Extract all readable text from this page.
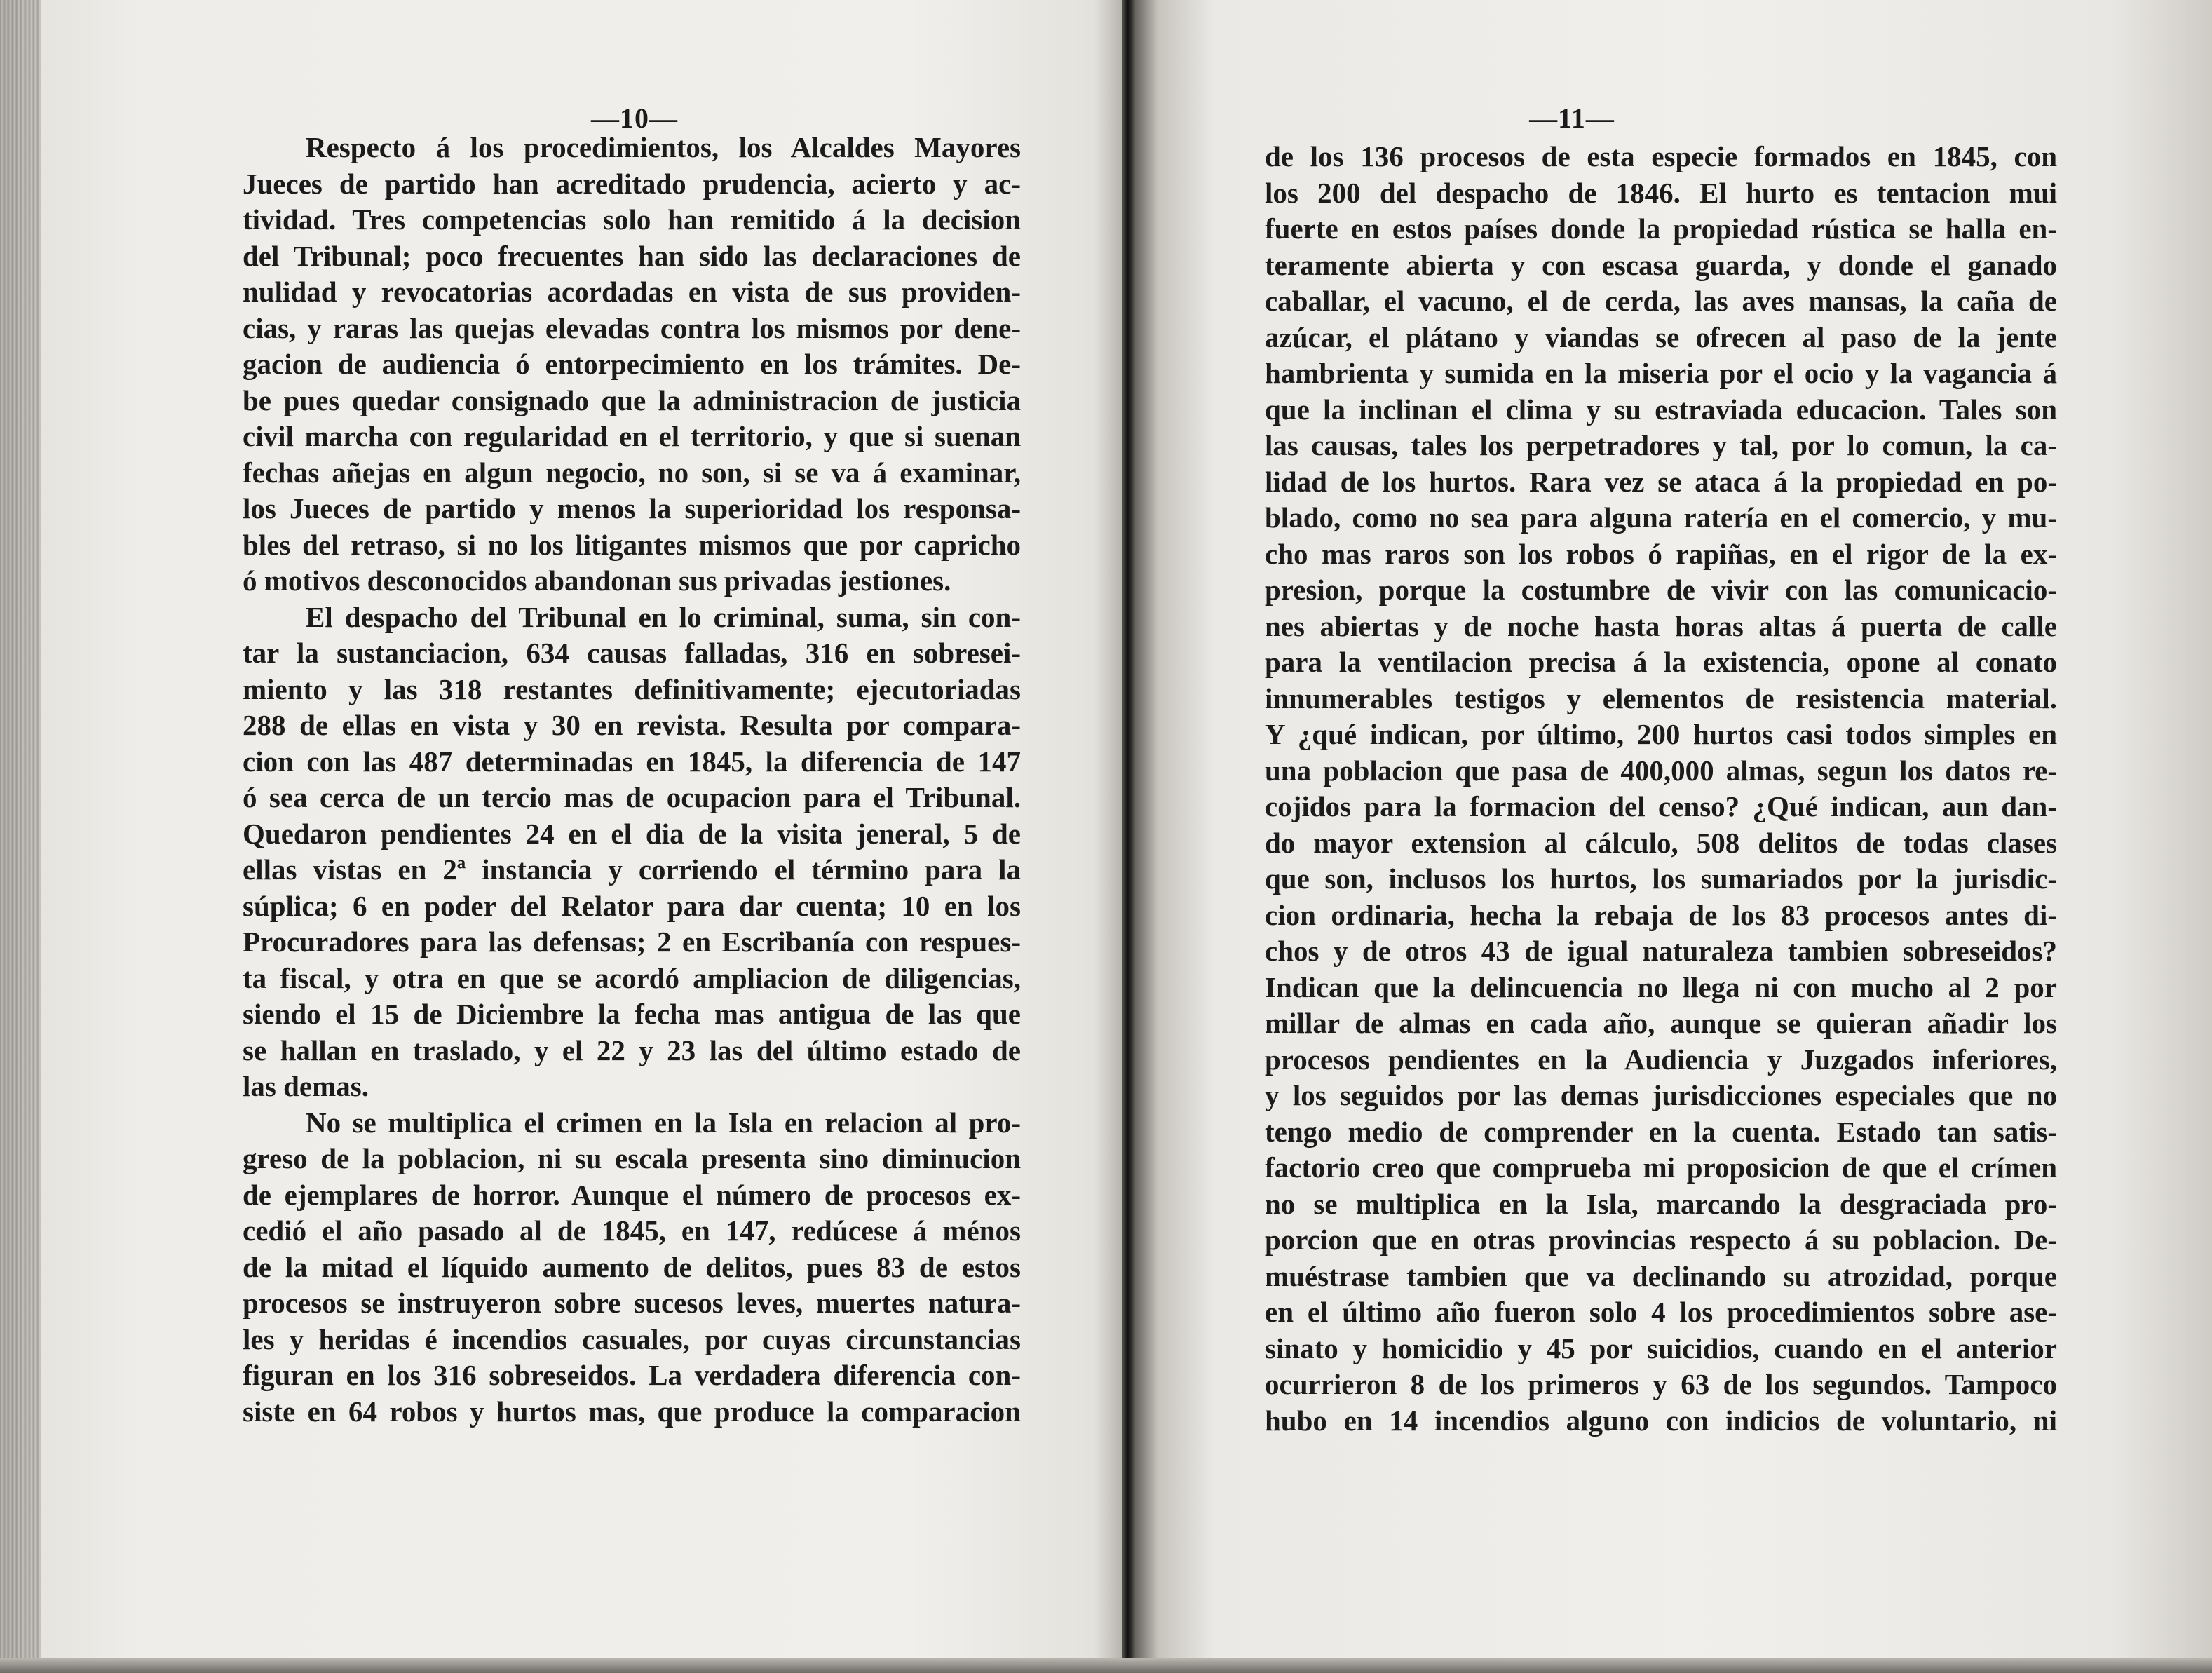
—10—
Respecto á los procedimientos, los Alcaldes Mayores
Jueces de partido han acreditado prudencia, acierto y ac-
tividad. Tres competencias solo han remitido á la decision
del Tribunal; poco frecuentes han sido las declaraciones de
nulidad y revocatorias acordadas en vista de sus providen-
cias, y raras las quejas elevadas contra los mismos por dene-
gacion de audiencia ó entorpecimiento en los trámites. De-
be pues quedar consignado que la administracion de justicia
civil marcha con regularidad en el territorio, y que si suenan
fechas añejas en algun negocio, no son, si se va á examinar,
los Jueces de partido y menos la superioridad los responsa-
bles del retraso, si no los litigantes mismos que por capricho
ó motivos desconocidos abandonan sus privadas jestiones.
El despacho del Tribunal en lo criminal, suma, sin con-
tar la sustanciacion, 634 causas falladas, 316 en sobresei-
miento y las 318 restantes definitivamente; ejecutoriadas
288 de ellas en vista y 30 en revista. Resulta por compara-
cion con las 487 determinadas en 1845, la diferencia de 147
ó sea cerca de un tercio mas de ocupacion para el Tribunal.
Quedaron pendientes 24 en el dia de la visita jeneral, 5 de
ellas vistas en 2ª instancia y corriendo el término para la
súplica; 6 en poder del Relator para dar cuenta; 10 en los
Procuradores para las defensas; 2 en Escribanía con respues-
ta fiscal, y otra en que se acordó ampliacion de diligencias,
siendo el 15 de Diciembre la fecha mas antigua de las que
se hallan en traslado, y el 22 y 23 las del último estado de
las demas.
No se multiplica el crimen en la Isla en relacion al pro-
greso de la poblacion, ni su escala presenta sino diminucion
de ejemplares de horror. Aunque el número de procesos ex-
cedió el año pasado al de 1845, en 147, redúcese á ménos
de la mitad el líquido aumento de delitos, pues 83 de estos
procesos se instruyeron sobre sucesos leves, muertes natura-
les y heridas é incendios casuales, por cuyas circunstancias
figuran en los 316 sobreseidos. La verdadera diferencia con-
siste en 64 robos y hurtos mas, que produce la comparacion
—11—
de los 136 procesos de esta especie formados en 1845, con
los 200 del despacho de 1846. El hurto es tentacion mui
fuerte en estos países donde la propiedad rústica se halla en-
teramente abierta y con escasa guarda, y donde el ganado
caballar, el vacuno, el de cerda, las aves mansas, la caña de
azúcar, el plátano y viandas se ofrecen al paso de la jente
hambrienta y sumida en la miseria por el ocio y la vagancia á
que la inclinan el clima y su estraviada educacion. Tales son
las causas, tales los perpetradores y tal, por lo comun, la ca-
lidad de los hurtos. Rara vez se ataca á la propiedad en po-
blado, como no sea para alguna ratería en el comercio, y mu-
cho mas raros son los robos ó rapiñas, en el rigor de la ex-
presion, porque la costumbre de vivir con las comunicacio-
nes abiertas y de noche hasta horas altas á puerta de calle
para la ventilacion precisa á la existencia, opone al conato
innumerables testigos y elementos de resistencia material.
Y ¿qué indican, por último, 200 hurtos casi todos simples en
una poblacion que pasa de 400,000 almas, segun los datos re-
cojidos para la formacion del censo? ¿Qué indican, aun dan-
do mayor extension al cálculo, 508 delitos de todas clases
que son, inclusos los hurtos, los sumariados por la jurisdic-
cion ordinaria, hecha la rebaja de los 83 procesos antes di-
chos y de otros 43 de igual naturaleza tambien sobreseidos?
Indican que la delincuencia no llega ni con mucho al 2 por
millar de almas en cada año, aunque se quieran añadir los
procesos pendientes en la Audiencia y Juzgados inferiores,
y los seguidos por las demas jurisdicciones especiales que no
tengo medio de comprender en la cuenta. Estado tan satis-
factorio creo que comprueba mi proposicion de que el crímen
no se multiplica en la Isla, marcando la desgraciada pro-
porcion que en otras provincias respecto á su poblacion. De-
muéstrase tambien que va declinando su atrozidad, porque
en el último año fueron solo 4 los procedimientos sobre ase-
sinato y homicidio y 45 por suicidios, cuando en el anterior
ocurrieron 8 de los primeros y 63 de los segundos. Tampoco
hubo en 14 incendios alguno con indicios de voluntario, ni
